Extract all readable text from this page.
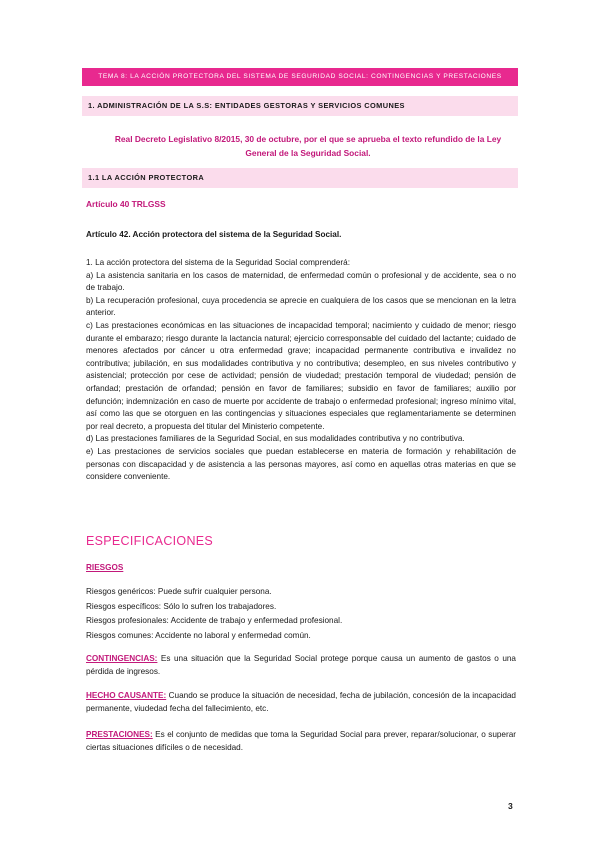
TEMA 8: LA ACCIÓN PROTECTORA DEL SISTEMA DE SEGURIDAD SOCIAL: CONTINGENCIAS Y PRESTACIONES
1. ADMINISTRACIÓN DE LA S.S: ENTIDADES GESTORAS Y SERVICIOS COMUNES
Real Decreto Legislativo 8/2015, 30 de octubre, por el que se aprueba el texto refundido de la Ley General de la Seguridad Social.
1.1 LA ACCIÓN PROTECTORA
Artículo 40 TRLGSS
Artículo 42. Acción protectora del sistema de la Seguridad Social.

1. La acción protectora del sistema de la Seguridad Social comprenderá:

a) La asistencia sanitaria en los casos de maternidad, de enfermedad común o profesional y de accidente, sea o no de trabajo.

b) La recuperación profesional, cuya procedencia se aprecie en cualquiera de los casos que se mencionan en la letra anterior.

c) Las prestaciones económicas en las situaciones de incapacidad temporal; nacimiento y cuidado de menor; riesgo durante el embarazo; riesgo durante la lactancia natural; ejercicio corresponsable del cuidado del lactante; cuidado de menores afectados por cáncer u otra enfermedad grave; incapacidad permanente contributiva e invalidez no contributiva; jubilación, en sus modalidades contributiva y no contributiva; desempleo, en sus niveles contributivo y asistencial; protección por cese de actividad; pensión de viudedad; prestación temporal de viudedad; pensión de orfandad; prestación de orfandad; pensión en favor de familiares; subsidio en favor de familiares; auxilio por defunción; indemnización en caso de muerte por accidente de trabajo o enfermedad profesional; ingreso mínimo vital, así como las que se otorguen en las contingencias y situaciones especiales que reglamentariamente se determinen por real decreto, a propuesta del titular del Ministerio competente.

d) Las prestaciones familiares de la Seguridad Social, en sus modalidades contributiva y no contributiva.

e) Las prestaciones de servicios sociales que puedan establecerse en materia de formación y rehabilitación de personas con discapacidad y de asistencia a las personas mayores, así como en aquellas otras materias en que se considere conveniente.

ESPECIFICACIONES
RIESGOS
Riesgos genéricos: Puede sufrir cualquier persona.
Riesgos específicos: Sólo lo sufren los trabajadores.
Riesgos profesionales: Accidente de trabajo y enfermedad profesional.
Riesgos comunes: Accidente no laboral y enfermedad común.
CONTINGENCIAS: Es una situación que la Seguridad Social protege porque causa un aumento de gastos o una pérdida de ingresos.
HECHO CAUSANTE: Cuando se produce la situación de necesidad, fecha de jubilación, concesión de la incapacidad permanente, viudedad fecha del fallecimiento, etc.
PRESTACIONES: Es el conjunto de medidas que toma la Seguridad Social para prever, reparar/solucionar, o superar ciertas situaciones difíciles o de necesidad.
3
